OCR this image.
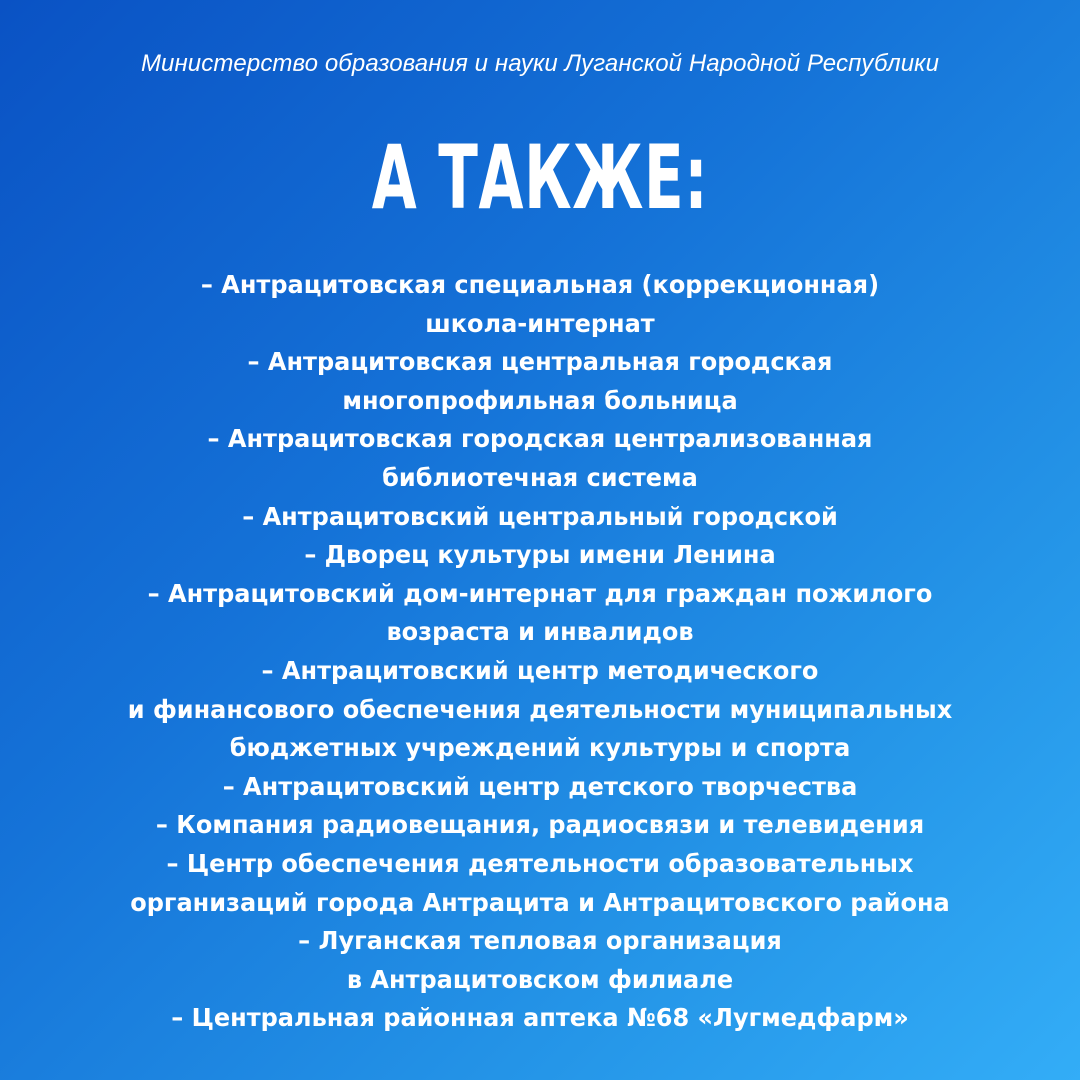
Министерство образования и науки Луганской Народной Республики
А ТАКЖЕ:
– Антрацитовская специальная (коррекционная)
школа-интернат
– Антрацитовская центральная городская
многопрофильная больница
– Антрацитовская городская централизованная
библиотечная система
– Антрацитовский центральный городской
– Дворец культуры имени Ленина
– Антрацитовский дом-интернат для граждан пожилого
возраста и инвалидов
– Антрацитовский центр методического
и финансового обеспечения деятельности муниципальных
бюджетных учреждений культуры и спорта
– Антрацитовский центр детского творчества
– Компания радиовещания, радиосвязи и телевидения
– Центр обеспечения деятельности образовательных
организаций города Антрацита и Антрацитовского района
– Луганская тепловая организация
в Антрацитовском филиале
– Центральная районная аптека №68 «Лугмедфарм»
